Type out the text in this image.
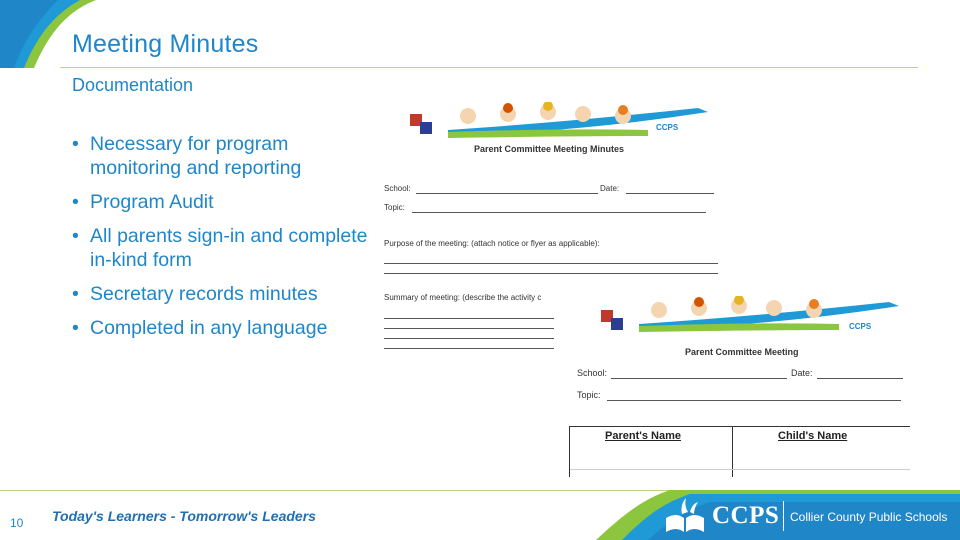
Meeting Minutes
Documentation
• Necessary for program monitoring and reporting
• Program Audit
• All parents sign-in and complete in-kind form
• Secretary records minutes
• Completed in any language
CCPS
Parent Committee Meeting Minutes
School:	Date:
Topic:
Purpose of the meeting: (attach notice or flyer as applicable):
Summary of meeting: (describe the activity c
CCPS
Parent Committee Meeting
School:	Date:
Topic:
Parent's Name	Child's Name
10 Today's Learners - Tomorrow's Leaders	CCPS Collier County Public Schools
